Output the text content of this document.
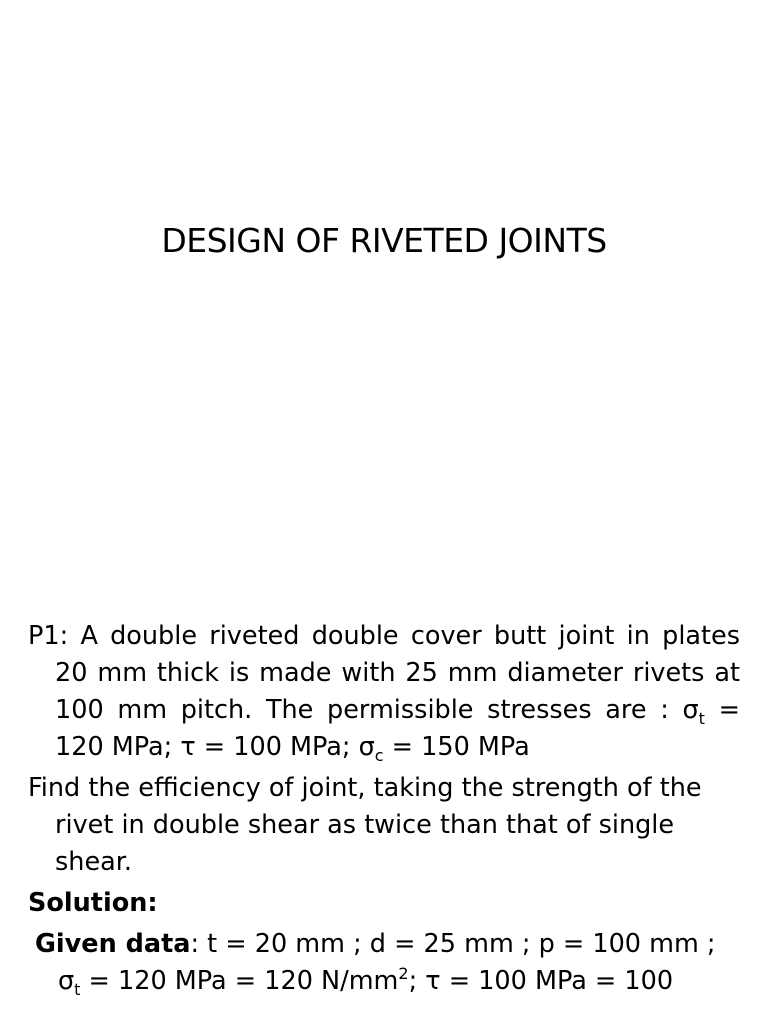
DESIGN OF RIVETED JOINTS

P1: A double riveted double cover butt joint in plates 20 mm thick is made with 25 mm diameter rivets at 100 mm pitch. The permissible stresses are : $\sigma_t = 120$ MPa; τ = 100 MPa; $\sigma_c = 150$ MPa

Find the efficiency of joint, taking the strength of the rivet in double shear as twice than that of single shear.

Solution:

Given data: t = 20 mm ; d = 25 mm ; p = 100 mm ;

$\sigma_t = 120$ MPa = 120 $N/mm^2$; τ = 100 MPa = 100
